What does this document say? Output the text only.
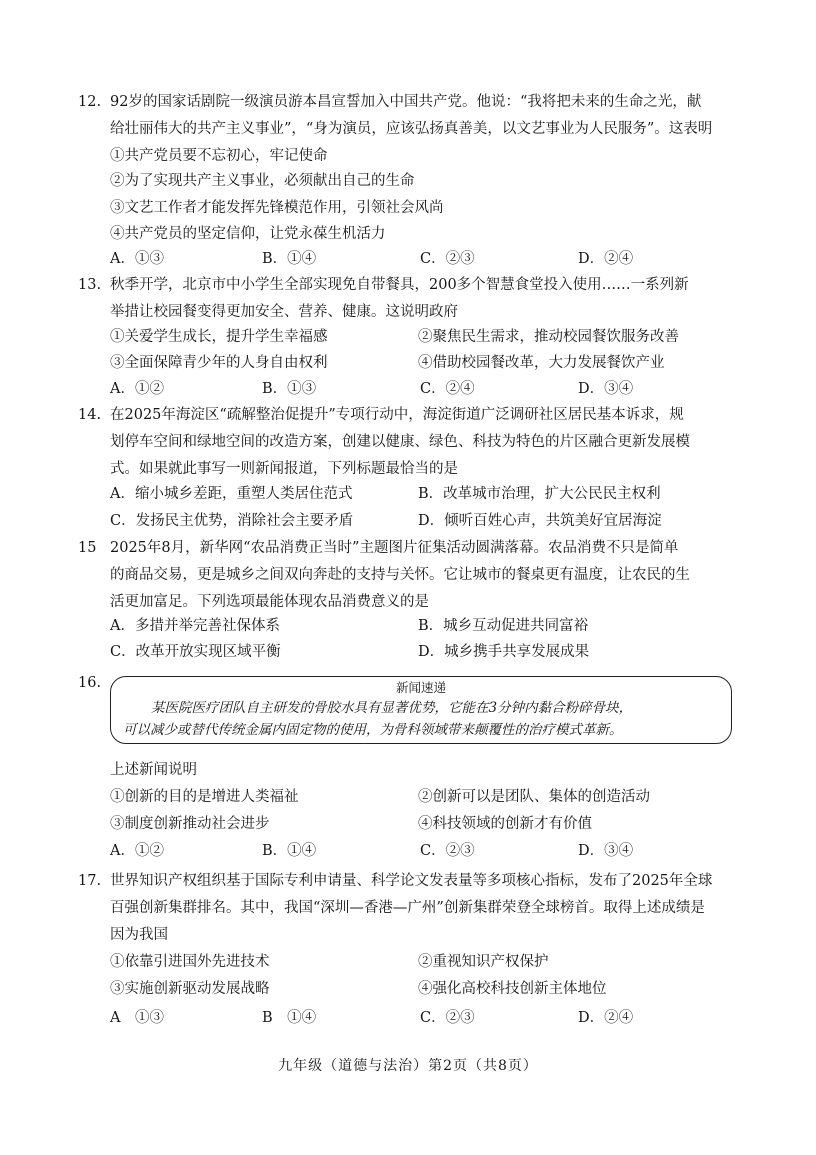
12. 92岁的国家话剧院一级演员游本昌宣誓加入中国共产党。他说：“我将把未来的生命之光，献
给壮丽伟大的共产主义事业”，“身为演员，应该弘扬真善美，以文艺事业为人民服务”。这表明
①共产党员要不忘初心，牢记使命
②为了实现共产主义事业，必须献出自己的生命
③文艺工作者才能发挥先锋模范作用，引领社会风尚
④共产党员的坚定信仰，让党永葆生机活力
A．①③	B．①④	C．②③	D．②④
13. 秋季开学，北京市中小学生全部实现免自带餐具，200多个智慧食堂投入使用……一系列新
举措让校园餐变得更加安全、营养、健康。这说明政府
①关爱学生成长，提升学生幸福感	②聚焦民生需求，推动校园餐饮服务改善
③全面保障青少年的人身自由权利	④借助校园餐改革，大力发展餐饮产业
A．①②	B．①③	C．②④	D．③④
14. 在2025年海淀区“疏解整治促提升”专项行动中，海淀街道广泛调研社区居民基本诉求，规
划停车空间和绿地空间的改造方案，创建以健康、绿色、科技为特色的片区融合更新发展模
式。如果就此事写一则新闻报道，下列标题最恰当的是
A．缩小城乡差距，重塑人类居住范式	B．改革城市治理，扩大公民民主权利
C．发扬民主优势，消除社会主要矛盾	D．倾听百姓心声，共筑美好宜居海淀
15 2025年8月，新华网“农品消费正当时”主题图片征集活动圆满落幕。农品消费不只是简单
的商品交易，更是城乡之间双向奔赴的支持与关怀。它让城市的餐桌更有温度，让农民的生
活更加富足。下列选项最能体现农品消费意义的是
A．多措并举完善社保体系	B．城乡互动促进共同富裕
C．改革开放实现区域平衡	D．城乡携手共享发展成果
16.	新闻速递
某医院医疗团队自主研发的骨胶水具有显著优势，它能在3分钟内黏合粉碎骨块，
可以减少或替代传统金属内固定物的使用，为骨科领域带来颠覆性的治疗模式革新。
上述新闻说明
①创新的目的是增进人类福祉	②创新可以是团队、集体的创造活动
③制度创新推动社会进步	④科技领域的创新才有价值
A．①②	B．①④	C．②③	D．③④
17. 世界知识产权组织基于国际专利申请量、科学论文发表量等多项核心指标，发布了2025年全球
百强创新集群排名。其中，我国“深圳—香港—广州”创新集群荣登全球榜首。取得上述成绩是
因为我国
①依靠引进国外先进技术	②重视知识产权保护
③实施创新驱动发展战略	④强化高校科技创新主体地位
A　①③	B　①④	C．②③	D．②④
九年级（道德与法治）第2页（共8页）
